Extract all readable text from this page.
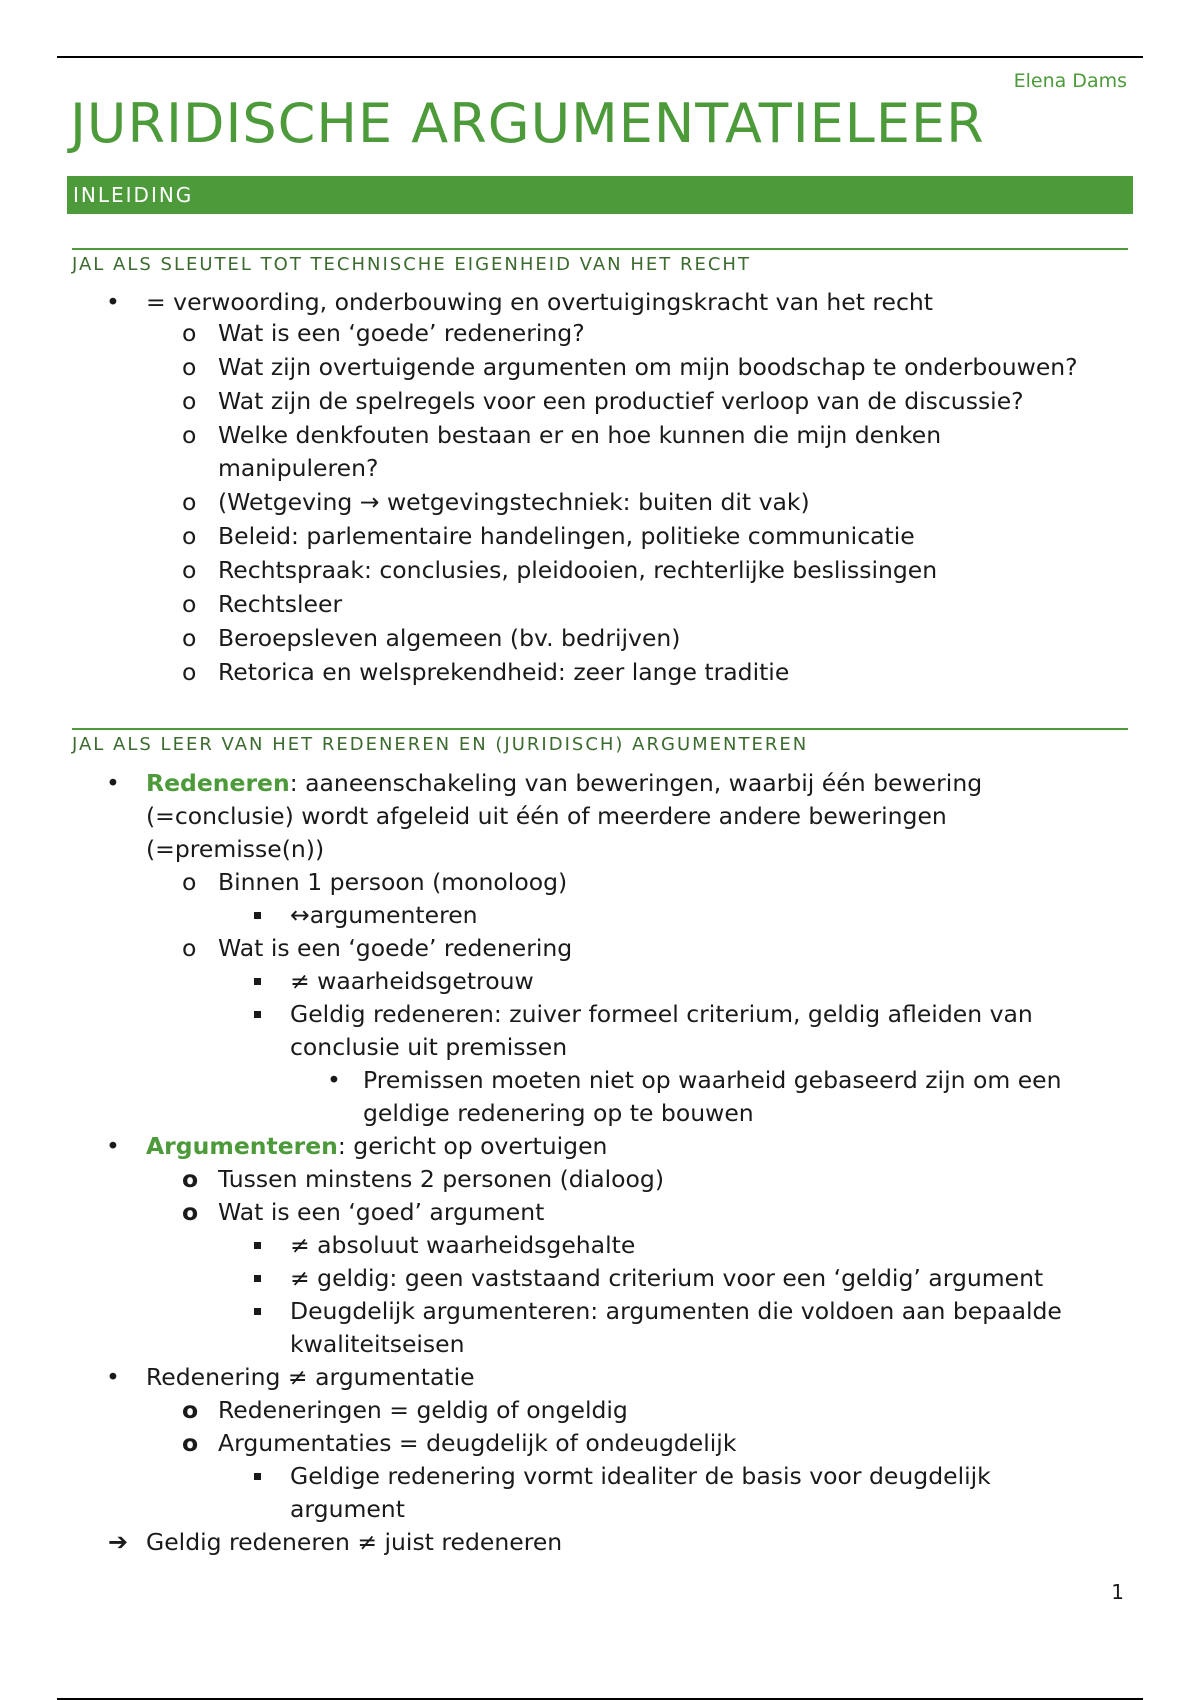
Elena Dams
JURIDISCHE ARGUMENTATIELEER
INLEIDING
JAL ALS SLEUTEL TOT TECHNISCHE EIGENHEID VAN HET RECHT
• = verwoording, onderbouwing en overtuigingskracht van het recht
o Wat is een ‘goede’ redenering?
o Wat zijn overtuigende argumenten om mijn boodschap te onderbouwen?
o Wat zijn de spelregels voor een productief verloop van de discussie?
o Welke denkfouten bestaan er en hoe kunnen die mijn denken manipuleren?
o (Wetgeving → wetgevingstechniek: buiten dit vak)
o Beleid: parlementaire handelingen, politieke communicatie
o Rechtspraak: conclusies, pleidooien, rechterlijke beslissingen
o Rechtsleer
o Beroepsleven algemeen (bv. bedrijven)
o Retorica en welsprekendheid: zeer lange traditie
JAL ALS LEER VAN HET REDENEREN EN (JURIDISCH) ARGUMENTEREN
• Redeneren: aaneenschakeling van beweringen, waarbij één bewering (=conclusie) wordt afgeleid uit één of meerdere andere beweringen (=premisse(n))
o Binnen 1 persoon (monoloog)
↔argumenteren
o Wat is een ‘goede’ redenering
≠ waarheidsgetrouw
Geldig redeneren: zuiver formeel criterium, geldig afleiden van conclusie uit premissen
• Premissen moeten niet op waarheid gebaseerd zijn om een geldige redenering op te bouwen
• Argumenteren: gericht op overtuigen
o Tussen minstens 2 personen (dialoog)
o Wat is een ‘goed’ argument
≠ absoluut waarheidsgehalte
≠ geldig: geen vaststaand criterium voor een ‘geldig’ argument
Deugdelijk argumenteren: argumenten die voldoen aan bepaalde kwaliteitseisen
• Redenering ≠ argumentatie
o Redeneringen = geldig of ongeldig
o Argumentaties = deugdelijk of ondeugdelijk
Geldige redenering vormt idealiter de basis voor deugdelijk argument
➔ Geldig redeneren ≠ juist redeneren
1
